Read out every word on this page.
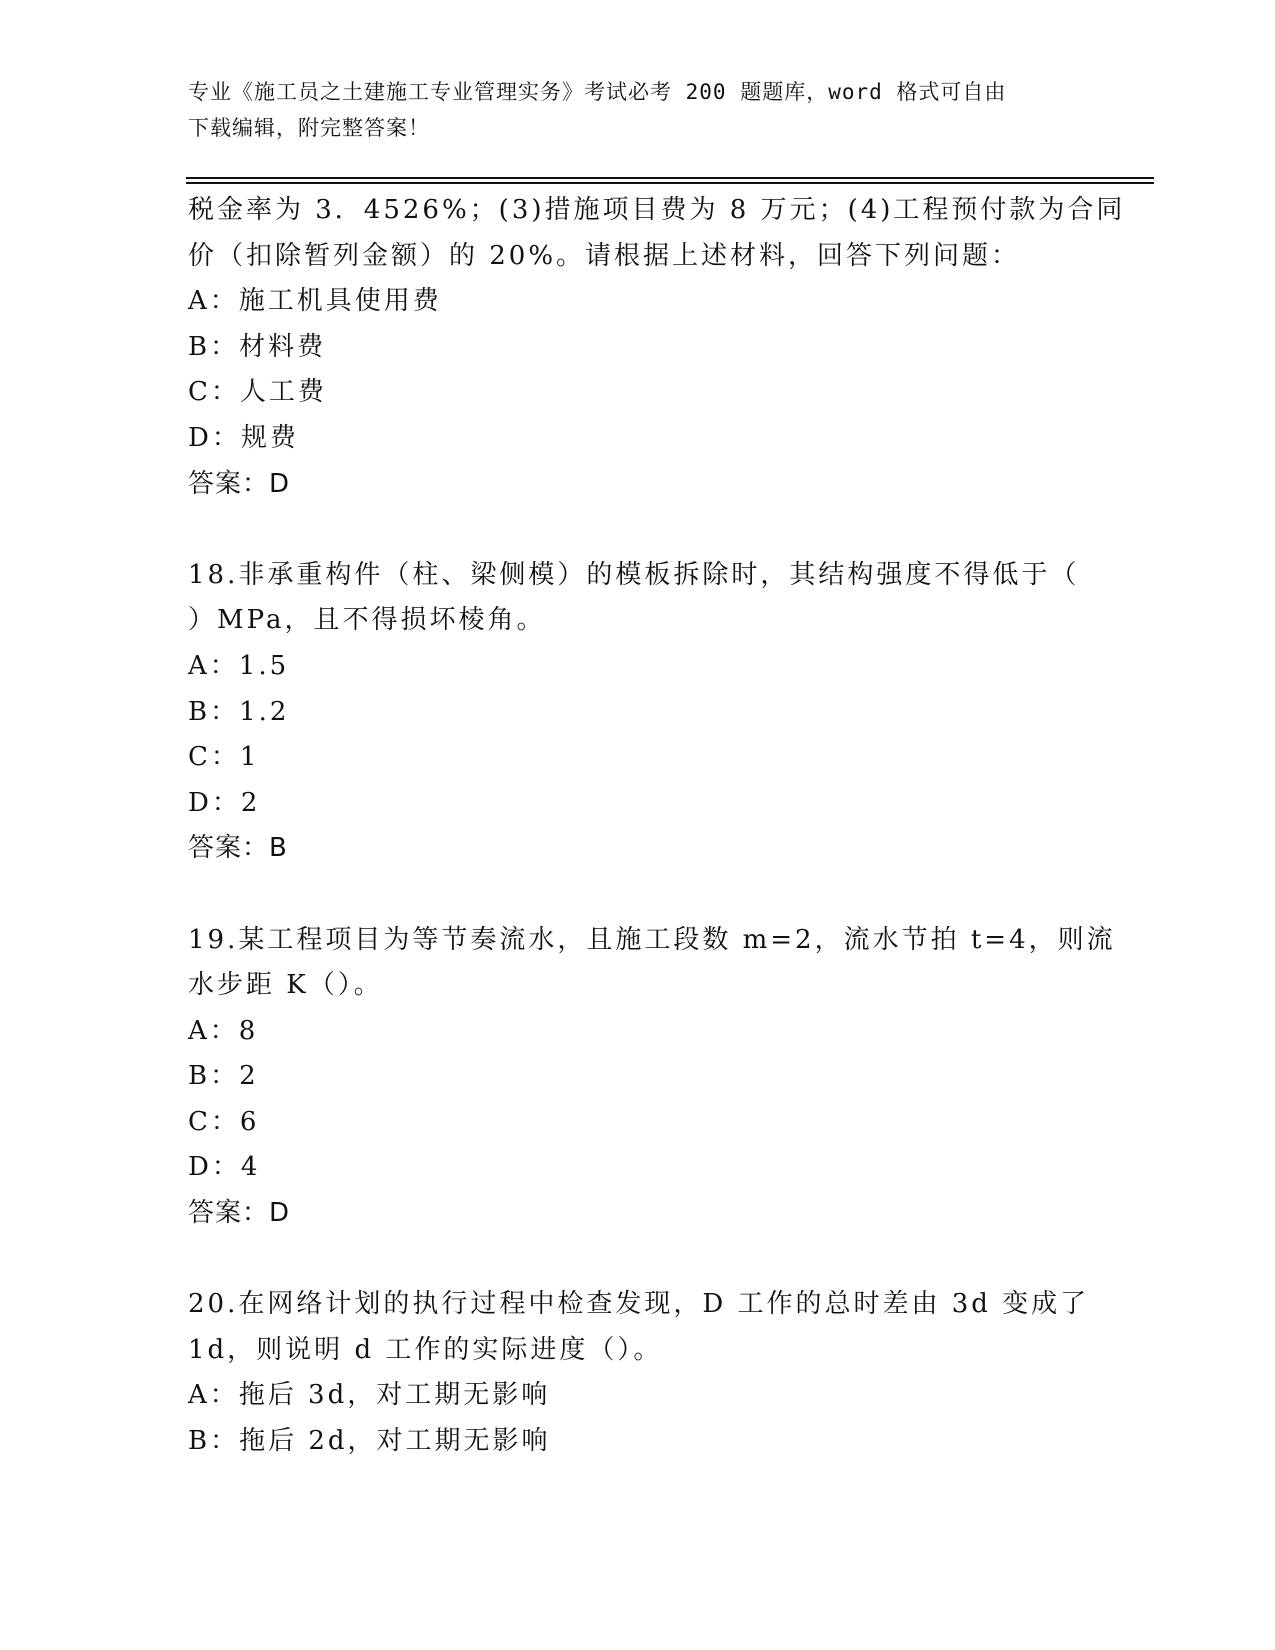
专业《施工员之土建施工专业管理实务》考试必考 200 题题库，word 格式可自由
下载编辑，附完整答案！
税金率为 3．4526%；(3)措施项目费为 8 万元；(4)工程预付款为合同
价（扣除暂列金额）的 20%。请根据上述材料，回答下列问题：
A：施工机具使用费
B：材料费
C：人工费
D：规费
答案：D
18.非承重构件（柱、梁侧模）的模板拆除时，其结构强度不得低于（
）MPa，且不得损坏棱角。
A：1.5
B：1.2
C：1
D：2
答案：B
19.某工程项目为等节奏流水，且施工段数 m=2，流水节拍 t=4，则流
水步距 K（）。
A：8
B：2
C：6
D：4
答案：D
20.在网络计划的执行过程中检查发现，D 工作的总时差由 3d 变成了
1d，则说明 d 工作的实际进度（）。
A：拖后 3d，对工期无影响
B：拖后 2d，对工期无影响
